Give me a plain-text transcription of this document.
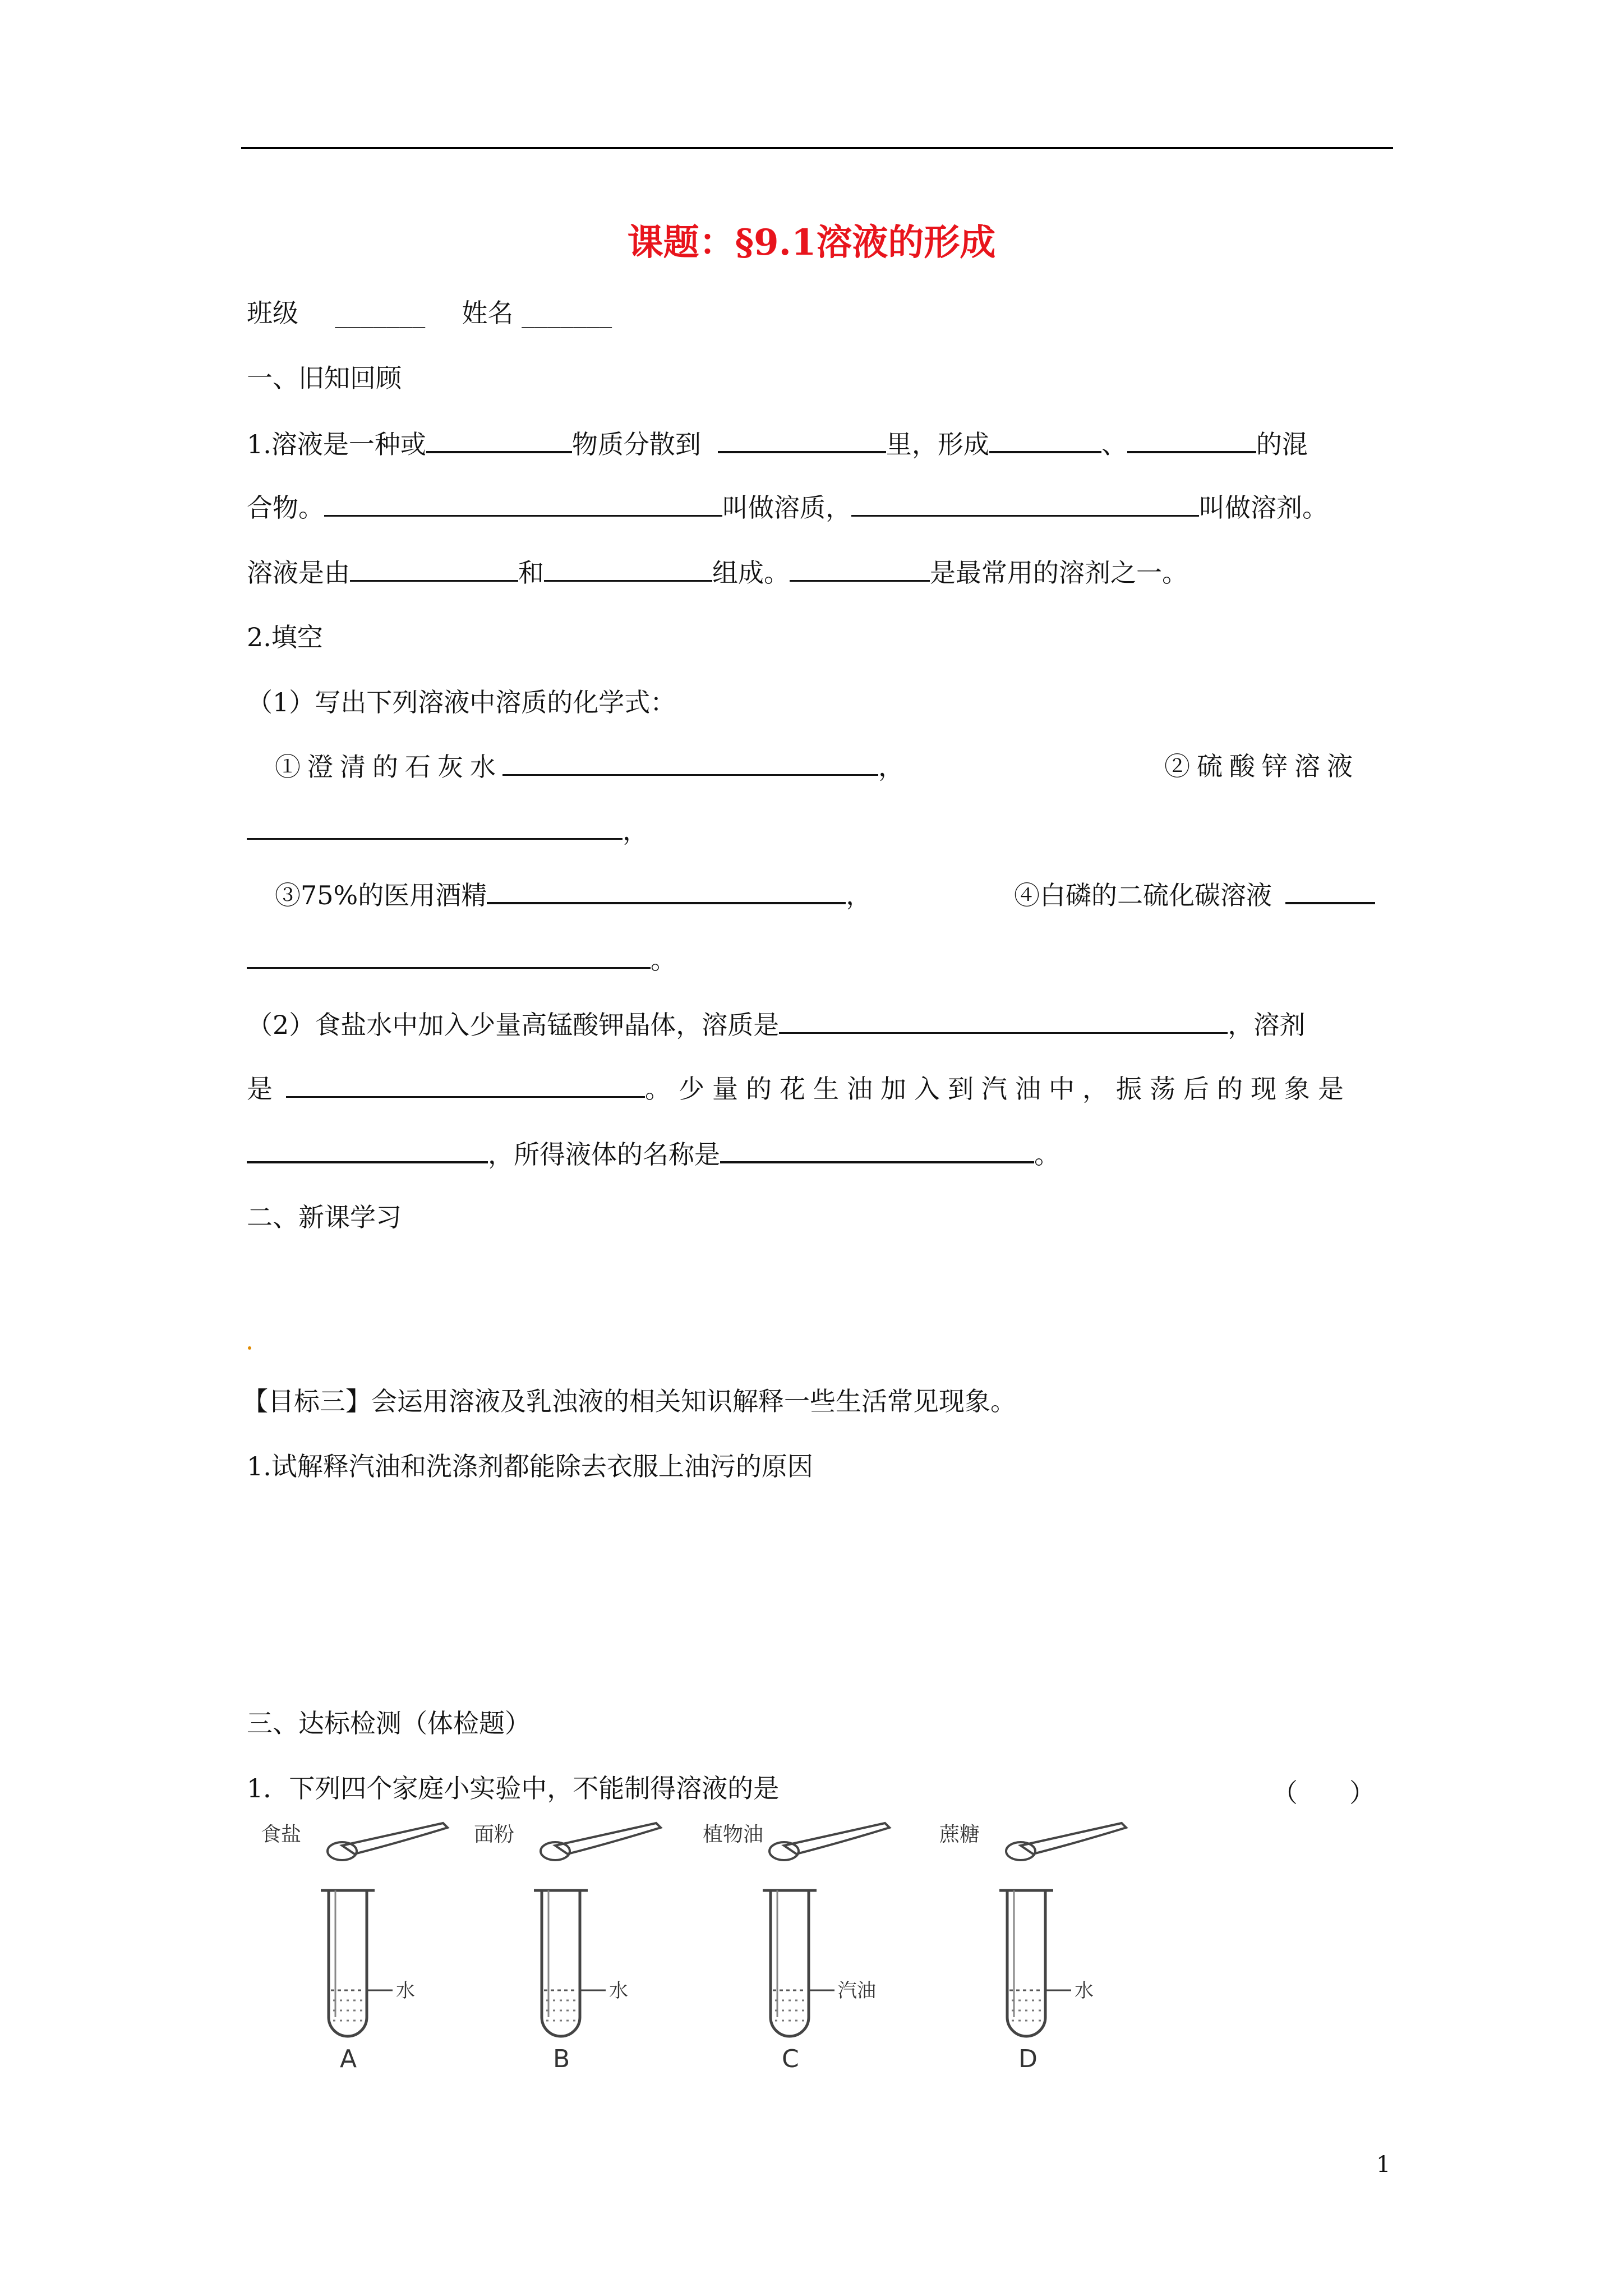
课题：§9.1溶液的形成
班级 _______ 姓名 _______
一、旧知回顾
1.溶液是一种或	物质分散到	里，形成	、	的混
合物。	叫做溶质，	叫做溶剂。
溶液是由	和	组成。	是最常用的溶剂之一。
2.填空
（1）写出下列溶液中溶质的化学式：
①澄清的石灰水	，	②硫酸锌溶液
，
③75%的医用酒精	，	④白磷的二硫化碳溶液
。
（2）食盐水中加入少量高锰酸钾晶体，溶质是	，溶剂
是	。少量的花生油加入到汽油中，振荡后的现象是
，所得液体的名称是	。
二、新课学习
【目标三】会运用溶液及乳浊液的相关知识解释一些生活常见现象。
1.试解释汽油和洗涤剂都能除去衣服上油污的原因
三、达标检测（体检题）
1．下列四个家庭小实验中，不能制得溶液的是	（　　）
食盐
水
A
面粉
水
B
植物油
汽油
C
蔗糖
水
D
1
